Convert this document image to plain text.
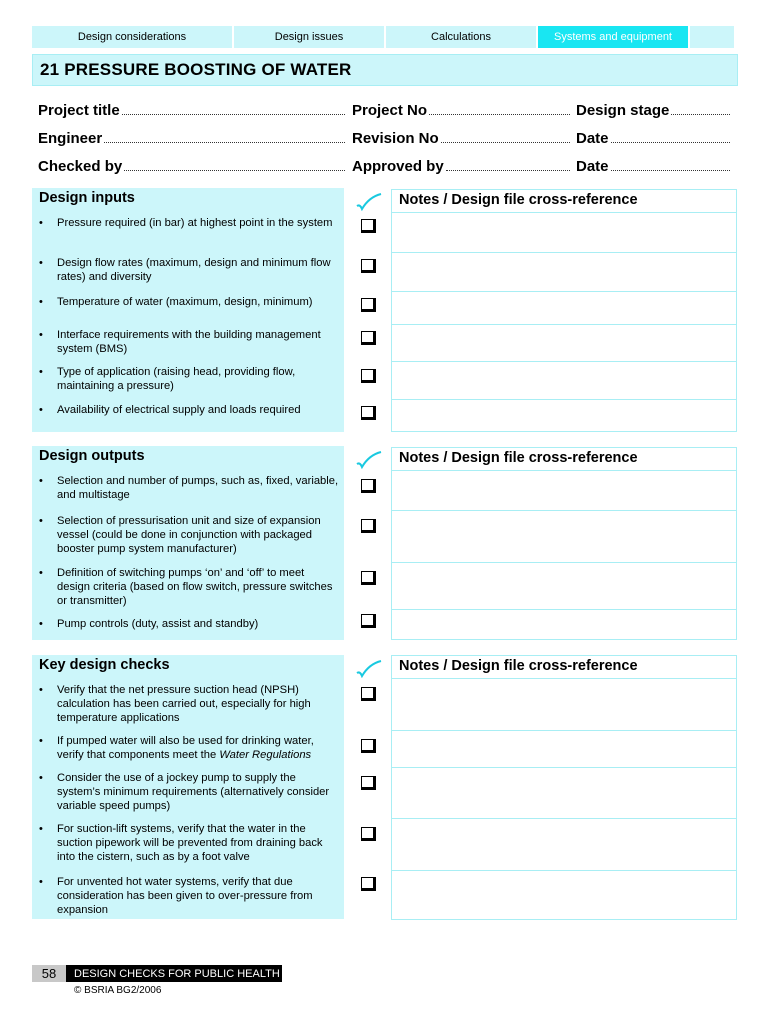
Design considerations	Design issues	Calculations	Systems and equipment
21 PRESSURE BOOSTING OF WATER
Project title	Project No	Design stage
Engineer	Revision No	Date
Checked by	Approved by	Date
Design inputs
• Pressure required (in bar) at highest point in the system
• Design flow rates (maximum, design and minimum flow rates) and diversity
• Temperature of water (maximum, design, minimum)
• Interface requirements with the building management system (BMS)
• Type of application (raising head, providing flow, maintaining a pressure)
• Availability of electrical supply and loads required
Notes / Design file cross-reference
Design outputs
• Selection and number of pumps, such as, fixed, variable, and multistage
• Selection of pressurisation unit and size of expansion vessel (could be done in conjunction with packaged booster pump system manufacturer)
• Definition of switching pumps ‘on’ and ‘off’ to meet design criteria (based on flow switch, pressure switches or transmitter)
• Pump controls (duty, assist and standby)
Notes / Design file cross-reference
Key design checks
• Verify that the net pressure suction head (NPSH) calculation has been carried out, especially for high temperature applications
• If pumped water will also be used for drinking water, verify that components meet the Water Regulations
• Consider the use of a jockey pump to supply the system’s minimum requirements (alternatively consider variable speed pumps)
• For suction-lift systems, verify that the water in the suction pipework will be prevented from draining back into the cistern, such as by a foot valve
• For unvented hot water systems, verify that due consideration has been given to over-pressure from expansion
Notes / Design file cross-reference
58	DESIGN CHECKS FOR PUBLIC HEALTH
© BSRIA BG2/2006
